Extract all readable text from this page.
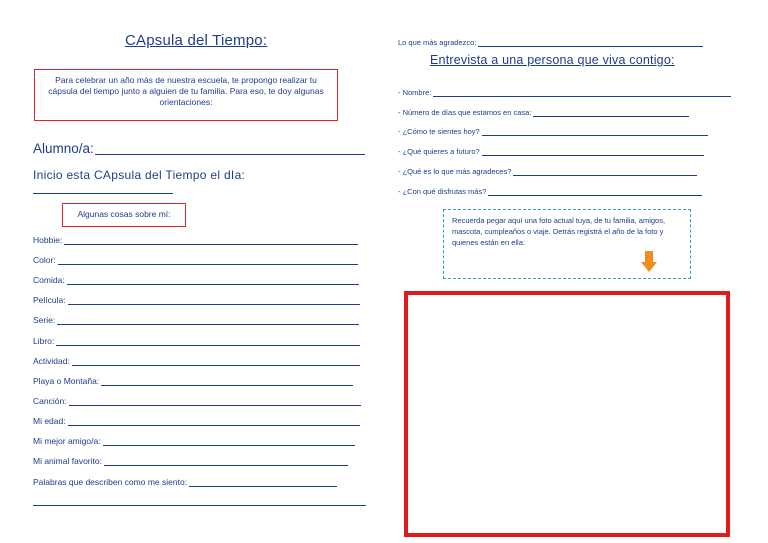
CApsula del Tiempo:
Para celebrar un año más de nuestra escuela, te propongo realizar tu cápsula del tiempo junto a alguien de tu familia. Para eso, te doy algunas orientaciones:
Alumno/a:
Inicio esta CApsula del Tiempo el dIa:
Algunas cosas sobre mí:
Hobbie:
Color:
Comida:
Película:
Serie:
Libro:
Actividad:
Playa o Montaña:
Canción:
Mi edad:
Mi mejor amigo/a:
Mi animal favorito:
Palabras que describen como me siento:
Lo que más agradezco:
Entrevista a una persona que viva contigo:
- Nombre:
- Número de días que estamos en casa:
- ¿Cómo te sientes hoy?
- ¿Qué quieres a futuro?
- ¿Qué es lo que más agradeces?
- ¿Con qué disfrutas más?
Recuerda pegar aquí una foto actual tuya, de tu familia, amigos, mascota, cumpleaños o viaje. Detrás registrá el año de la foto y quienes están en ella:
